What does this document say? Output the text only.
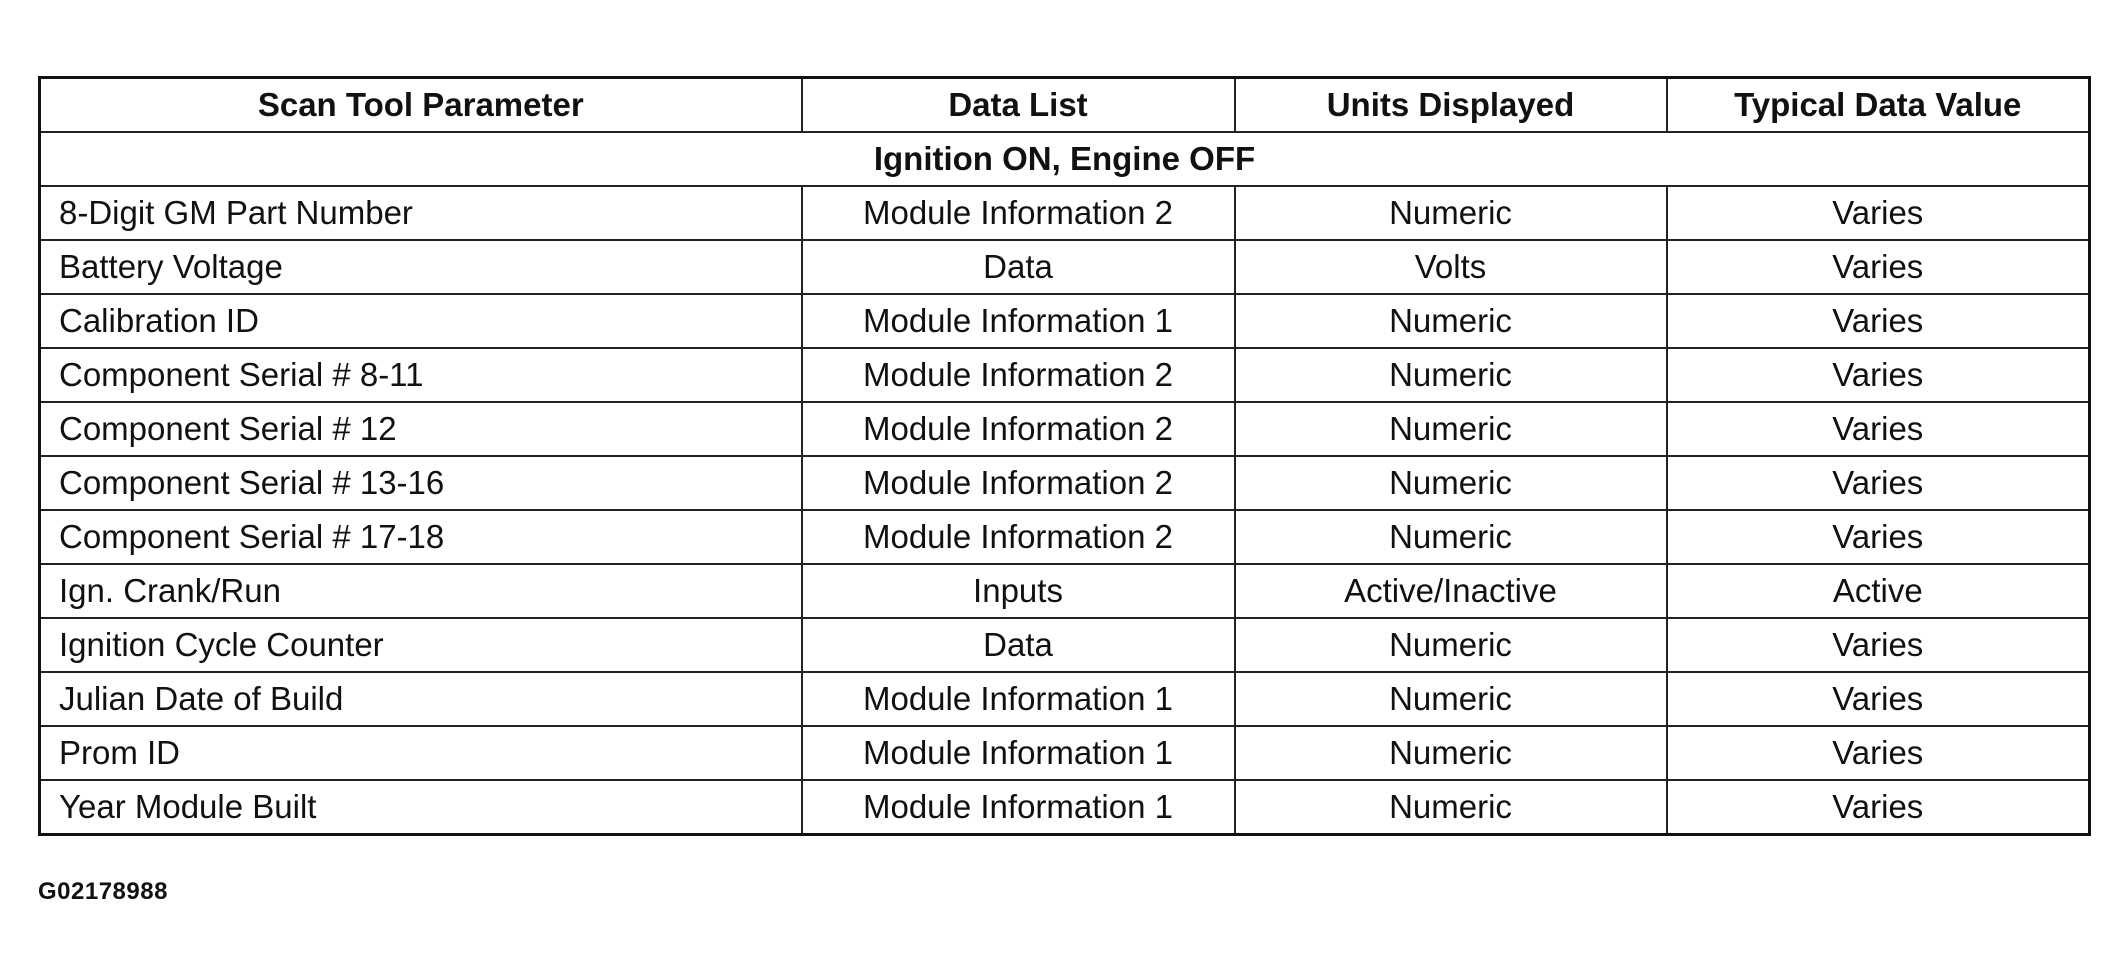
Scan Tool Parameter	Data List	Units Displayed	Typical Data Value
Ignition ON, Engine OFF			
8-Digit GM Part Number	Module Information 2	Numeric	Varies
Battery Voltage	Data	Volts	Varies
Calibration ID	Module Information 1	Numeric	Varies
Component Serial # 8-11	Module Information 2	Numeric	Varies
Component Serial # 12	Module Information 2	Numeric	Varies
Component Serial # 13-16	Module Information 2	Numeric	Varies
Component Serial # 17-18	Module Information 2	Numeric	Varies
Ign. Crank/Run	Inputs	Active/Inactive	Active
Ignition Cycle Counter	Data	Numeric	Varies
Julian Date of Build	Module Information 1	Numeric	Varies
Prom ID	Module Information 1	Numeric	Varies
Year Module Built	Module Information 1	Numeric	Varies
G02178988
